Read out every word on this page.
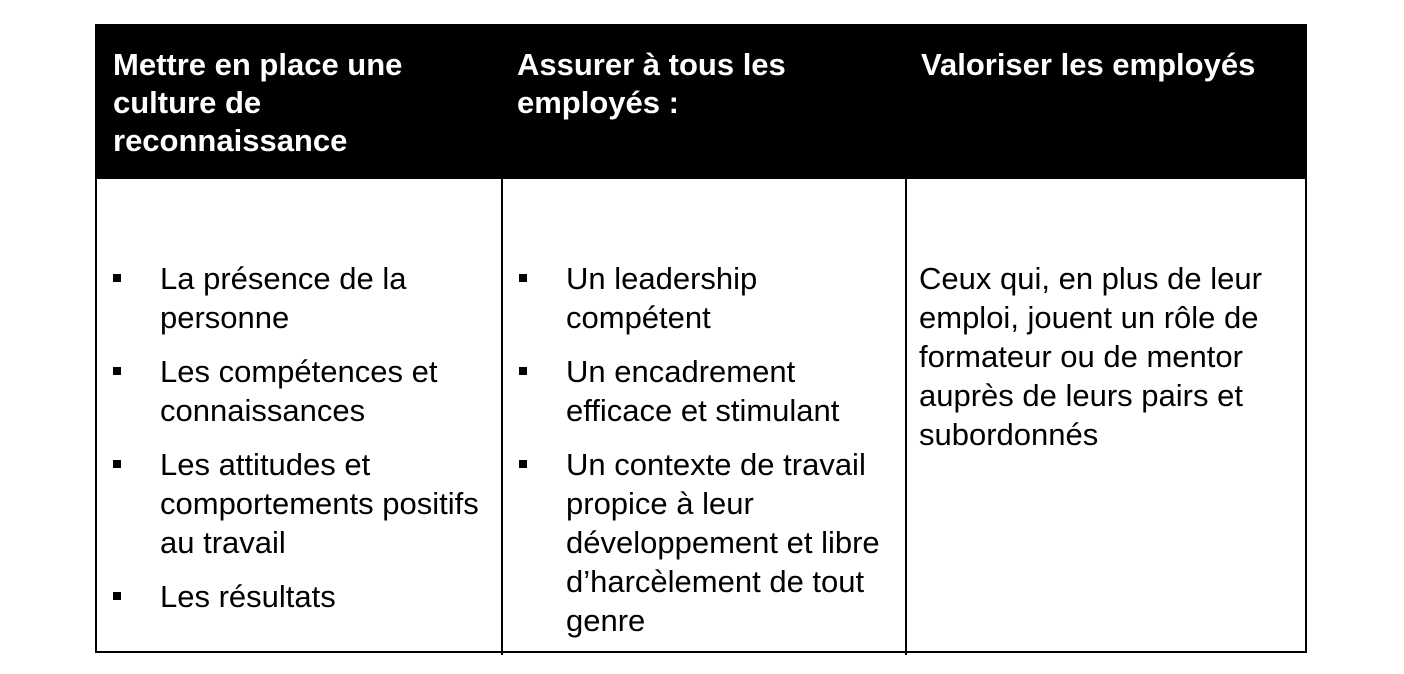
Mettre en place une culture de reconnaissance
Assurer à tous les employés :
Valoriser les employés
La présence de la personne
Les compétences et connaissances
Les attitudes et comportements positifs au travail
Les résultats
Un leadership compétent
Un encadrement efficace et stimulant
Un contexte de travail propice à leur développement et libre d’harcèlement de tout genre

Ceux qui, en plus de leur emploi, jouent un rôle de formateur ou de mentor auprès de leurs pairs et subordonnés
